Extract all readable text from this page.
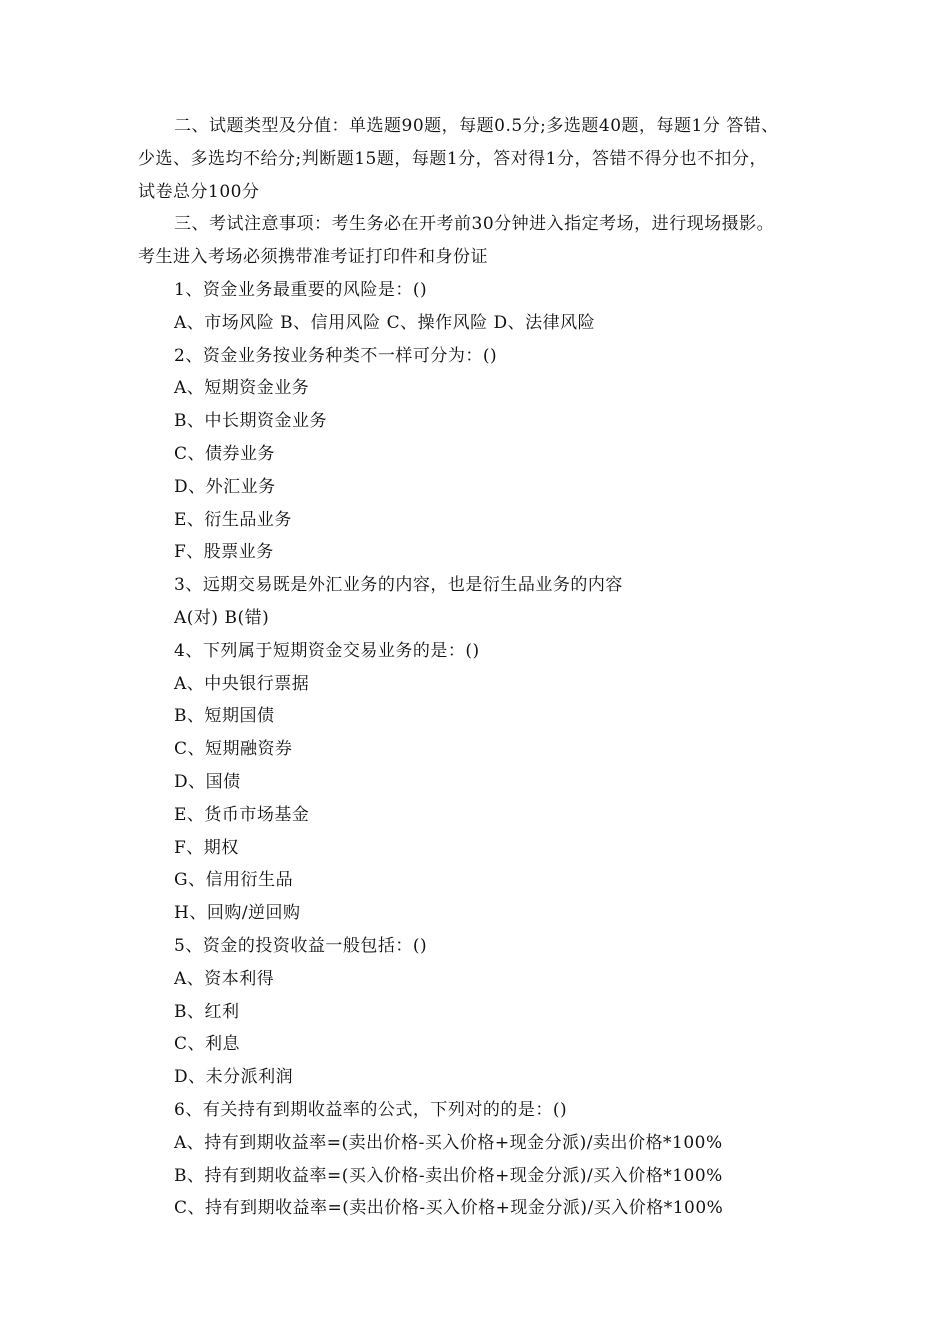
二、试题类型及分值：单选题90题，每题0.5分;多选题40题，每题1分 答错、
少选、多选均不给分;判断题15题，每题1分，答对得1分，答错不得分也不扣分，
试卷总分100分
三、考试注意事项：考生务必在开考前30分钟进入指定考场，进行现场摄影。
考生进入考场必须携带准考证打印件和身份证
1、资金业务最重要的风险是：()
A、市场风险 B、信用风险 C、操作风险 D、法律风险
2、资金业务按业务种类不一样可分为：()
A、短期资金业务
B、中长期资金业务
C、债券业务
D、外汇业务
E、衍生品业务
F、股票业务
3、远期交易既是外汇业务的内容，也是衍生品业务的内容
A(对) B(错)
4、下列属于短期资金交易业务的是：()
A、中央银行票据
B、短期国债
C、短期融资券
D、国债
E、货币市场基金
F、期权
G、信用衍生品
H、回购/逆回购
5、资金的投资收益一般包括：()
A、资本利得
B、红利
C、利息
D、未分派利润
6、有关持有到期收益率的公式，下列对的的是：()
A、持有到期收益率=(卖出价格-买入价格+现金分派)/卖出价格*100%
B、持有到期收益率=(买入价格-卖出价格+现金分派)/买入价格*100%
C、持有到期收益率=(卖出价格-买入价格+现金分派)/买入价格*100%
